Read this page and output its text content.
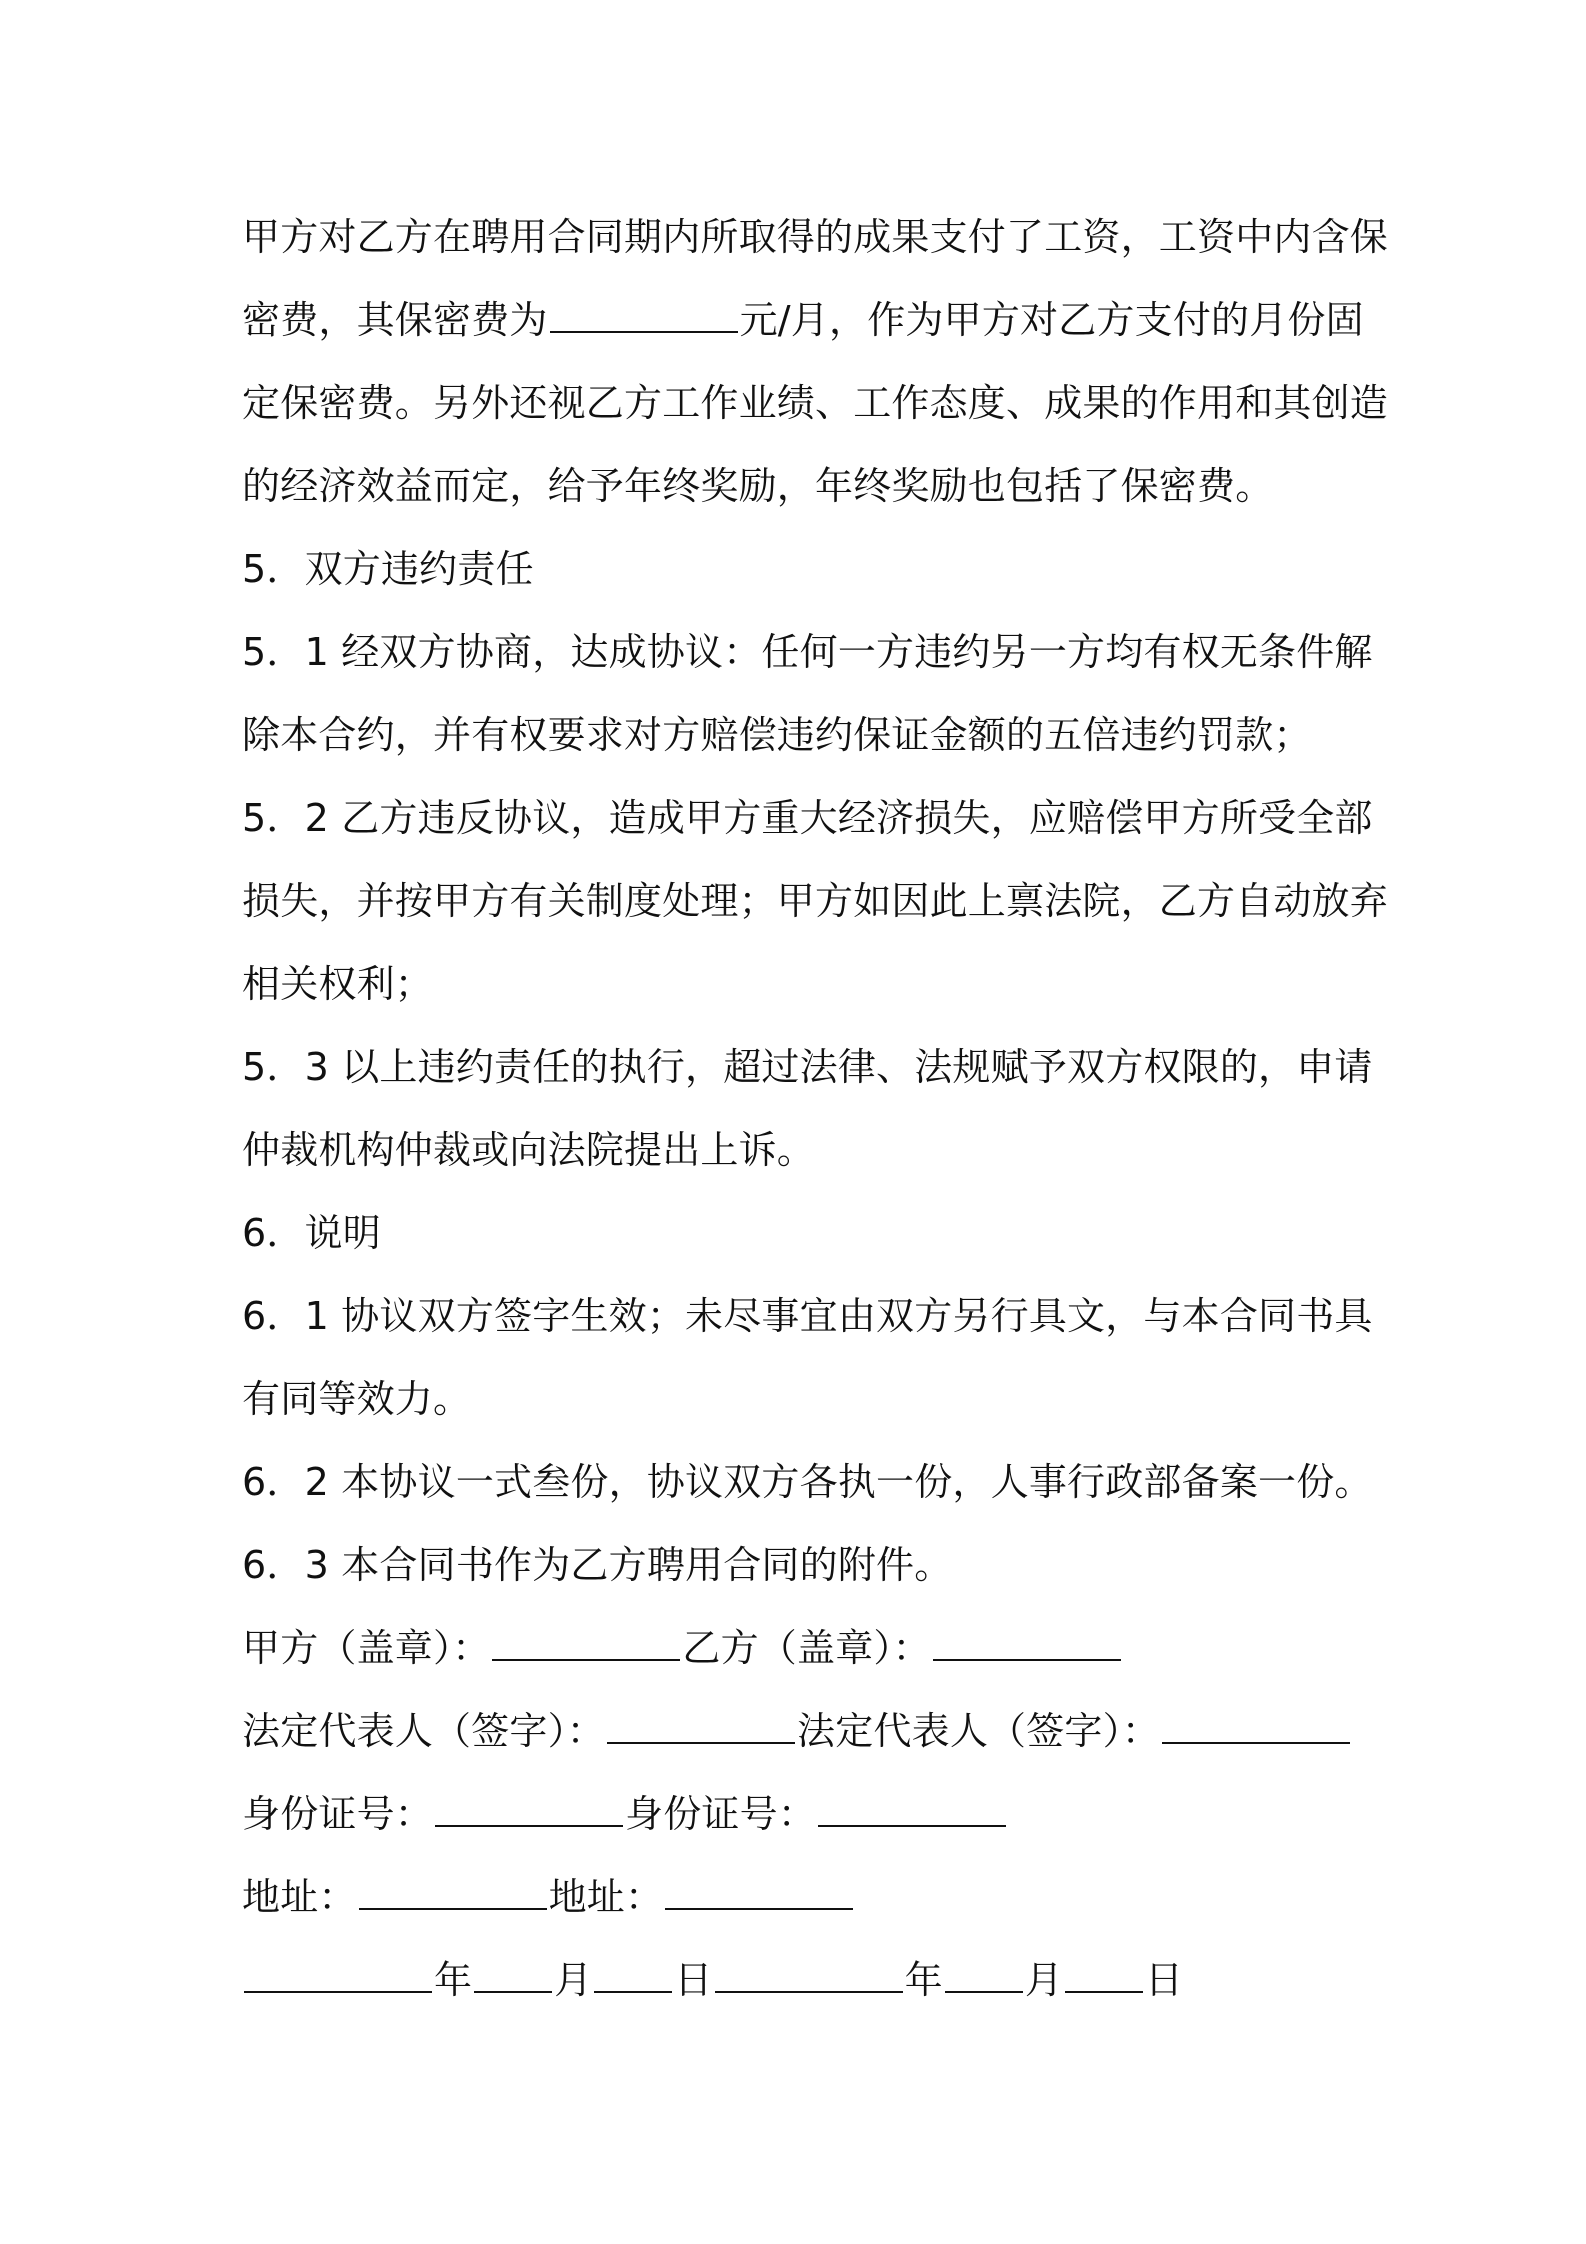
甲方对乙方在聘用合同期内所取得的成果支付了工资，工资中内含保
密费，其保密费为	元/月，作为甲方对乙方支付的月份固
定保密费。另外还视乙方工作业绩、工作态度、成果的作用和其创造
的经济效益而定，给予年终奖励，年终奖励也包括了保密费。
5．双方违约责任
5．1 经双方协商，达成协议：任何一方违约另一方均有权无条件解
除本合约，并有权要求对方赔偿违约保证金额的五倍违约罚款；
5．2 乙方违反协议，造成甲方重大经济损失，应赔偿甲方所受全部
损失，并按甲方有关制度处理；甲方如因此上禀法院，乙方自动放弃
相关权利；
5．3 以上违约责任的执行，超过法律、法规赋予双方权限的，申请
仲裁机构仲裁或向法院提出上诉。
6．说明
6．1 协议双方签字生效；未尽事宜由双方另行具文，与本合同书具
有同等效力。
6．2 本协议一式叁份，协议双方各执一份，人事行政部备案一份。
6．3 本合同书作为乙方聘用合同的附件。
甲方（盖章）：	乙方（盖章）：
法定代表人（签字）：	法定代表人（签字）：
身份证号：	身份证号：
地址：	地址：
年 月 日	年 月 日
